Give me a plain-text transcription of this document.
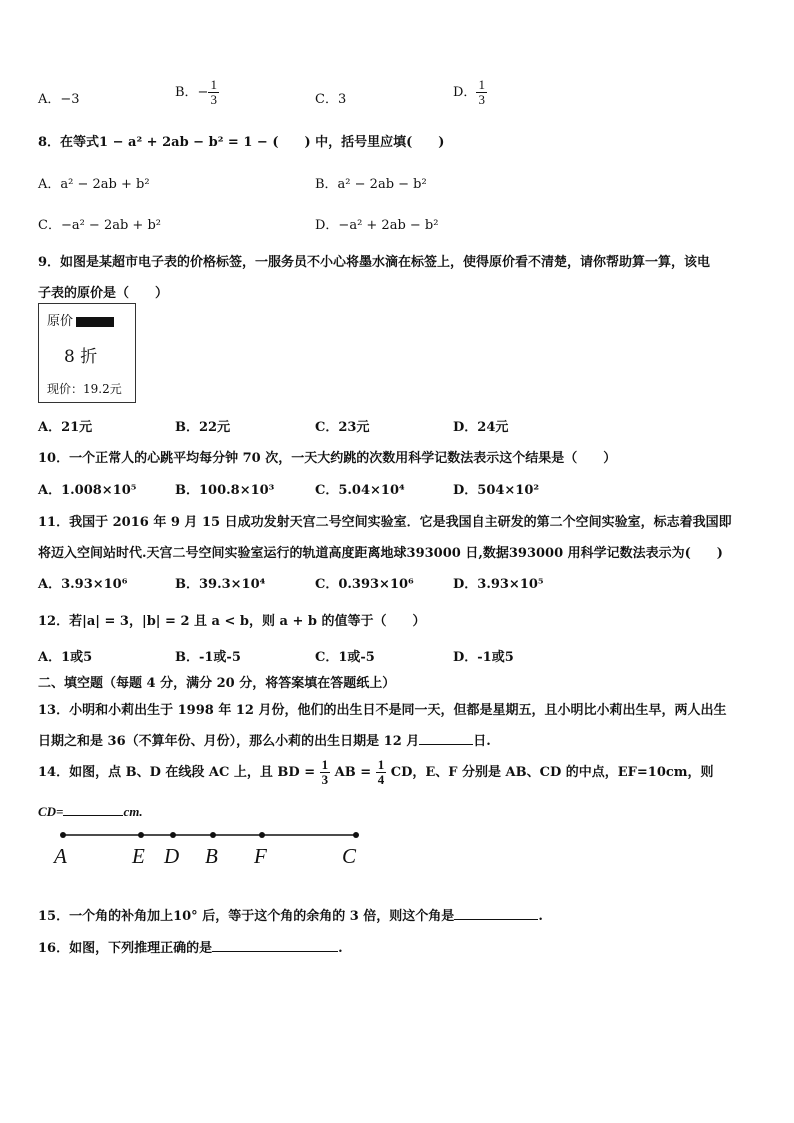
A．−3	B．− $\frac{1}{3}$	C．3	D． $\frac{1}{3}$
8．在等式1 − a² + 2ab − b² = 1 − (　　) 中，括号里应填(　　)
A．a² − 2ab + b²	B．a² − 2ab − b²
C．−a² − 2ab + b²	D．−a² + 2ab − b²
9．如图是某超市电子表的价格标签，一服务员不小心将墨水滴在标签上，使得原价看不清楚，请你帮助算一算，该电
子表的原价是（　　）
原价
8 折
现价：19.2元
A．21元	B．22元	C．23元	D．24元
10．一个正常人的心跳平均每分钟 70 次，一天大约跳的次数用科学记数法表示这个结果是（　　）
A．1.008×10⁵	B．100.8×10³	C．5.04×10⁴	D．504×10²
11．我国于 2016 年 9 月 15 日成功发射天宫二号空间实验室．它是我国自主研发的第二个空间实验室，标志着我国即
将迈入空间站时代.天宫二号空间实验室运行的轨道高度距离地球393000 日,数据393000 用科学记数法表示为(　　)
A．3.93×10⁶	B．39.3×10⁴	C．0.393×10⁶	D．3.93×10⁵
12．若|a| = 3，|b| = 2 且 a < b，则 a + b 的值等于（　　）
A．1或5	B．-1或-5	C．1或-5	D．-1或5
二、填空题（每题 4 分，满分 20 分，将答案填在答题纸上）
13．小明和小莉出生于 1998 年 12 月份，他们的出生日不是同一天，但都是星期五，且小明比小莉出生早，两人出生
日期之和是 36（不算年份、月份），那么小莉的出生日期是 12 月	日.
14．如图，点 B、D 在线段 AC 上，且 BD = $\frac{1}{3}$ AB = $\frac{1}{4}$ CD，E、F 分别是 AB、CD 的中点，EF=10cm，则
CD=	cm.
A	E D B F	C
15．一个角的补角加上10° 后，等于这个角的余角的 3 倍，则这个角是	.
16．如图，下列推理正确的是	.
